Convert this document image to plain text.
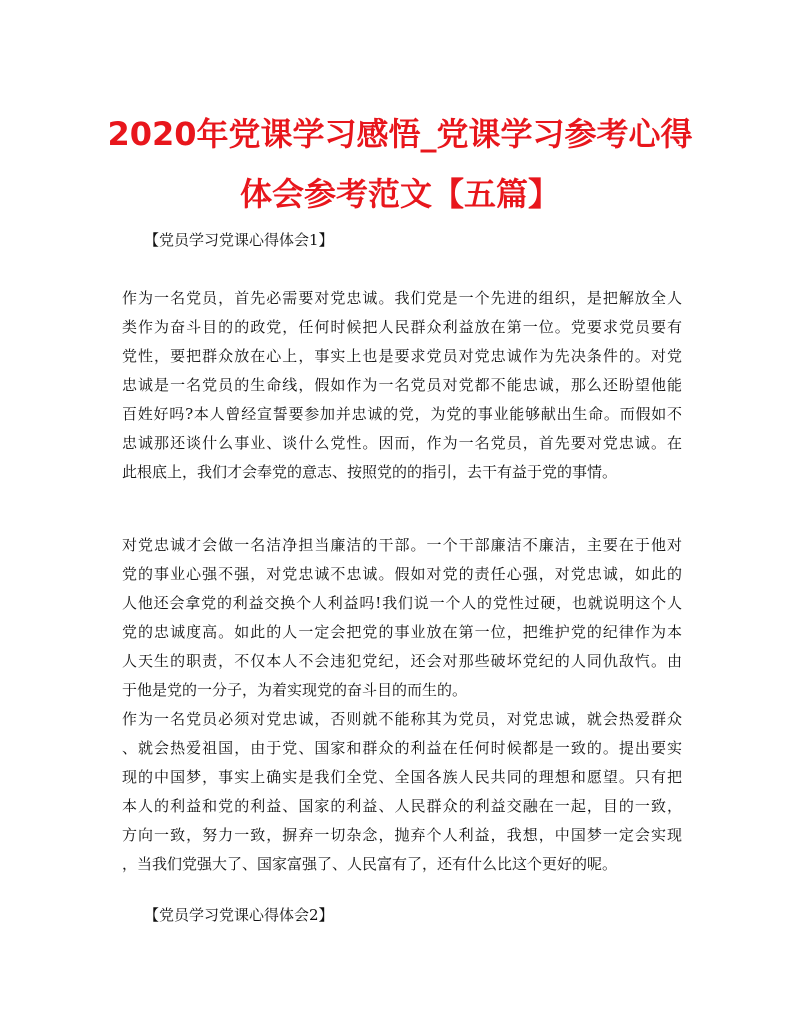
2020年党课学习感悟_党课学习参考心得
体会参考范文【五篇】
【党员学习党课心得体会1】
作为一名党员，首先必需要对党忠诚。我们党是一个先进的组织，是把解放全人
类作为奋斗目的的政党，任何时候把人民群众利益放在第一位。党要求党员要有
党性，要把群众放在心上，事实上也是要求党员对党忠诚作为先决条件的。对党
忠诚是一名党员的生命线，假如作为一名党员对党都不能忠诚，那么还盼望他能
百姓好吗?本人曾经宣誓要参加并忠诚的党，为党的事业能够献出生命。而假如不
忠诚那还谈什么事业、谈什么党性。因而，作为一名党员，首先要对党忠诚。在
此根底上，我们才会奉党的意志、按照党的的指引，去干有益于党的事情。
对党忠诚才会做一名洁净担当廉洁的干部。一个干部廉洁不廉洁，主要在于他对
党的事业心强不强，对党忠诚不忠诚。假如对党的责任心强，对党忠诚，如此的
人他还会拿党的利益交换个人利益吗!我们说一个人的党性过硬，也就说明这个人
党的忠诚度高。如此的人一定会把党的事业放在第一位，把维护党的纪律作为本
人天生的职责，不仅本人不会违犯党纪，还会对那些破坏党纪的人同仇敌忾。由
于他是党的一分子，为着实现党的奋斗目的而生的。
作为一名党员必须对党忠诚，否则就不能称其为党员，对党忠诚，就会热爱群众
、就会热爱祖国，由于党、国家和群众的利益在任何时候都是一致的。提出要实
现的中国梦，事实上确实是我们全党、全国各族人民共同的理想和愿望。只有把
本人的利益和党的利益、国家的利益、人民群众的利益交融在一起，目的一致，
方向一致，努力一致，摒弃一切杂念，抛弃个人利益，我想，中国梦一定会实现
，当我们党强大了、国家富强了、人民富有了，还有什么比这个更好的呢。
【党员学习党课心得体会2】
